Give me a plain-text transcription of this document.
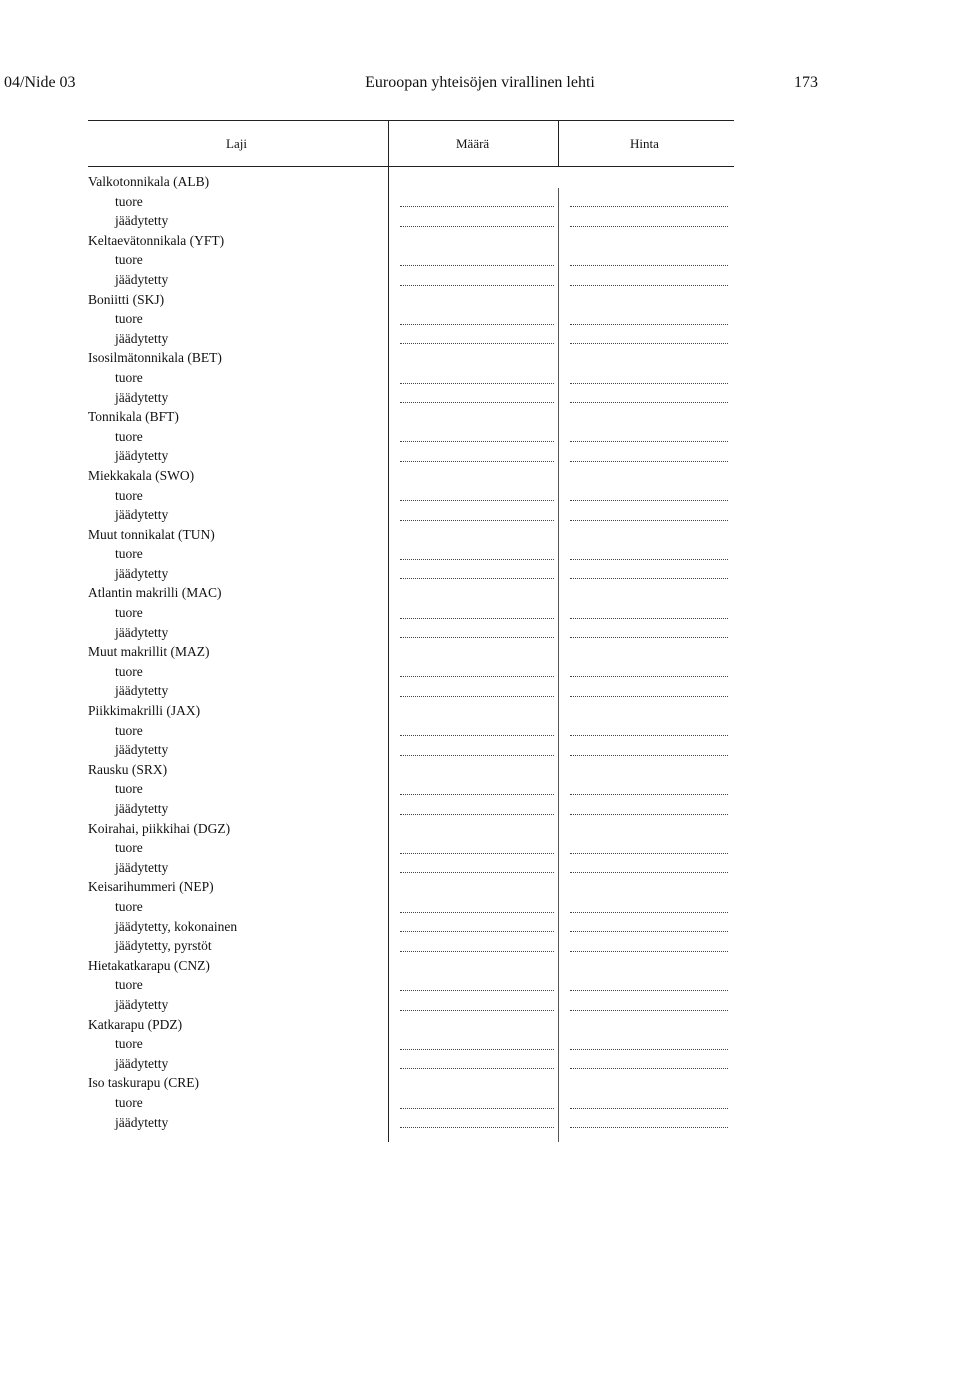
04/Nide 03	Euroopan yhteisöjen virallinen lehti	173
Laji	Määrä	Hinta
Valkotonnikala (ALB)
tuore
jäädytetty
Keltaevätonnikala (YFT)
tuore
jäädytetty
Boniitti (SKJ)
tuore
jäädytetty
Isosilmätonnikala (BET)
tuore
jäädytetty
Tonnikala (BFT)
tuore
jäädytetty
Miekkakala (SWO)
tuore
jäädytetty
Muut tonnikalat (TUN)
tuore
jäädytetty
Atlantin makrilli (MAC)
tuore
jäädytetty
Muut makrillit (MAZ)
tuore
jäädytetty
Piikkimakrilli (JAX)
tuore
jäädytetty
Rausku (SRX)
tuore
jäädytetty
Koirahai, piikkihai (DGZ)
tuore
jäädytetty
Keisarihummeri (NEP)
tuore
jäädytetty, kokonainen
jäädytetty, pyrstöt
Hietakatkarapu (CNZ)
tuore
jäädytetty
Katkarapu (PDZ)
tuore
jäädytetty
Iso taskurapu (CRE)
tuore
jäädytetty
